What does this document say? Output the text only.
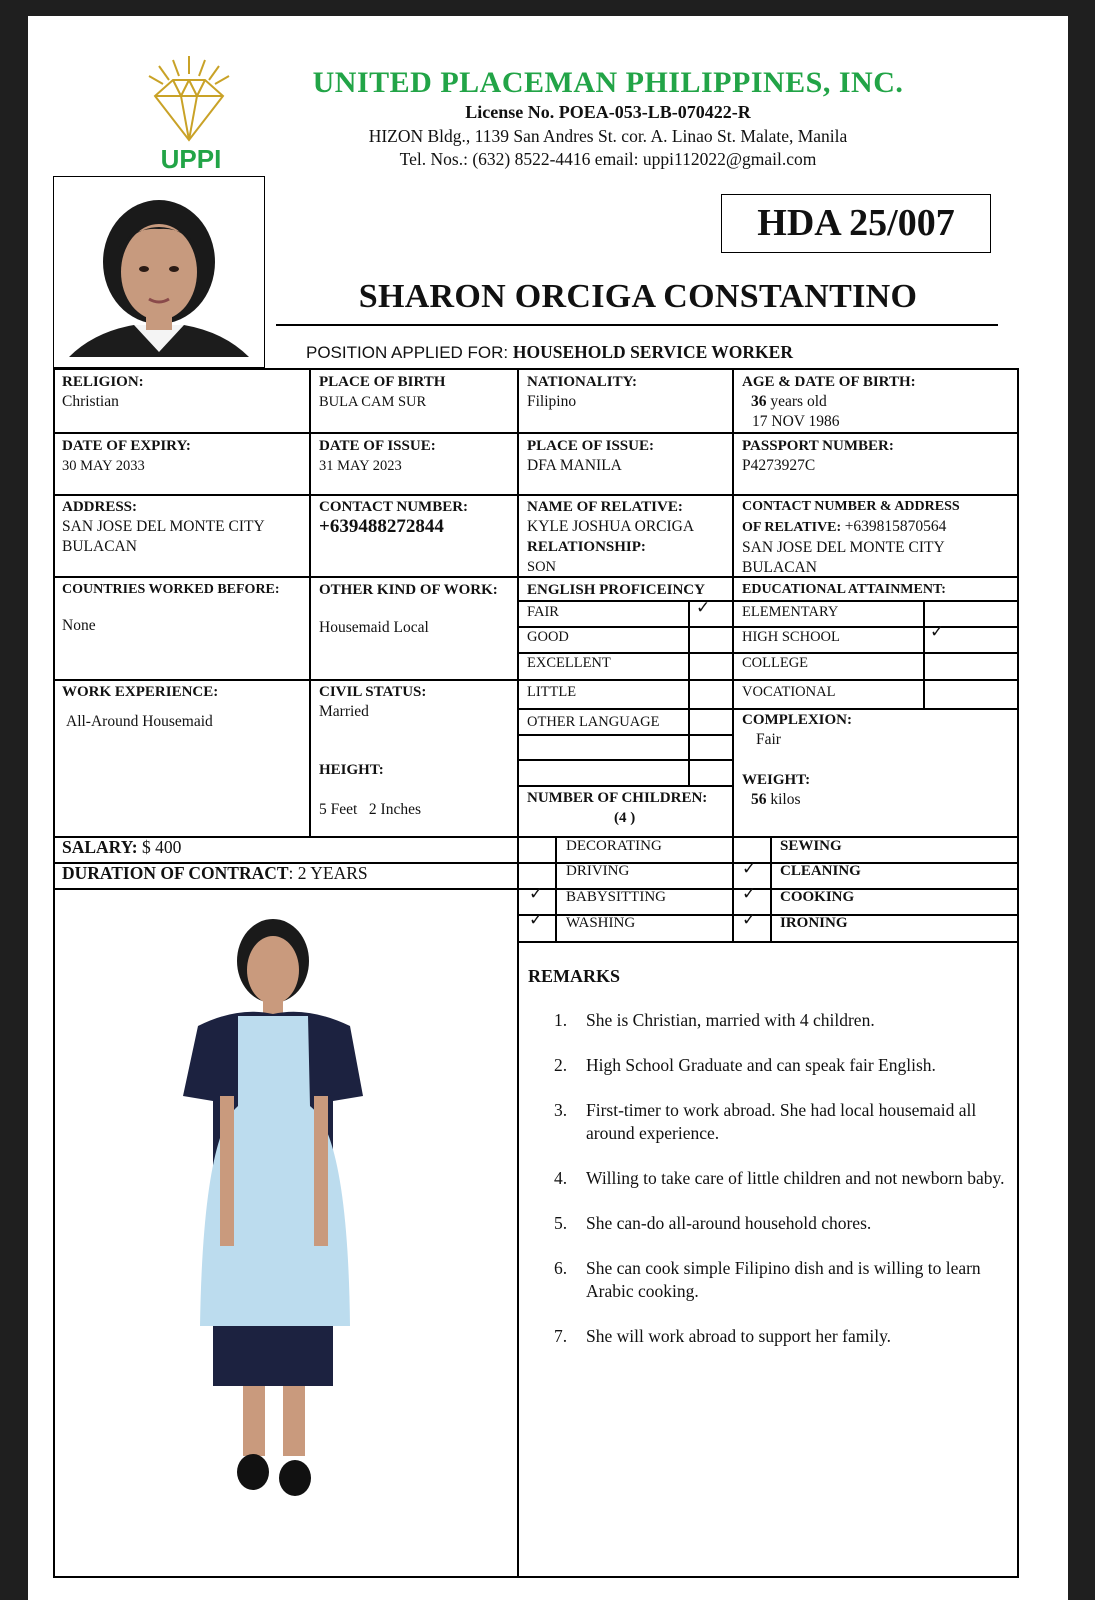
UPPI
UNITED PLACEMAN PHILIPPINES, INC.
License No. POEA-053-LB-070422-R
HIZON Bldg., 1139 San Andres St. cor. A. Linao St. Malate, Manila
Tel. Nos.: (632) 8522-4416 email: uppi112022@gmail.com
HDA 25/007
SHARON ORCIGA CONSTANTINO
POSITION APPLIED FOR: HOUSEHOLD SERVICE WORKER
RELIGION:
Christian
PLACE OF BIRTH
BULA CAM SUR
NATIONALITY:
Filipino
AGE & DATE OF BIRTH:
36 years old
17 NOV 1986
DATE OF EXPIRY:
30 MAY 2033
DATE OF ISSUE:
31 MAY 2023
PLACE OF ISSUE:
DFA MANILA
PASSPORT NUMBER:
P4273927C
ADDRESS:
SAN JOSE DEL MONTE CITY
BULACAN
CONTACT NUMBER:
+639488272844
NAME OF RELATIVE:
KYLE JOSHUA ORCIGA
RELATIONSHIP:
SON
CONTACT NUMBER & ADDRESS
OF RELATIVE: +639815870564
SAN JOSE DEL MONTE CITY
BULACAN
COUNTRIES WORKED BEFORE:
None
OTHER KIND OF WORK:
Housemaid Local
ENGLISH PROFICEINCY	EDUCATIONAL ATTAINMENT:
FAIR
GOOD
EXCELLENT
LITTLE
✓ ELEMENTARY
HIGH SCHOOL
COLLEGE
VOCATIONAL
✓
WORK EXPERIENCE:
All-Around Housemaid
CIVIL STATUS:
Married
HEIGHT:
5 Feet   2 Inches
OTHER LANGUAGE
NUMBER OF CHILDREN:
(4 )
COMPLEXION:
Fair
WEIGHT:
56 kilos
SALARY: $ 400
DURATION OF CONTRACT: 2 YEARS
DECORATING
DRIVING
BABYSITTING
WASHING
SEWING
CLEANING
COOKING
IRONING
✓
✓
✓
✓
✓
REMARKS
1. She is Christian, married with 4 children.
2. High School Graduate and can speak fair English.
3. First-timer to work abroad. She had local housemaid all around experience.
4. Willing to take care of little children and not newborn baby.
5. She can-do all-around household chores.
6. She can cook simple Filipino dish and is willing to learn Arabic cooking.
7. She will work abroad to support her family.
